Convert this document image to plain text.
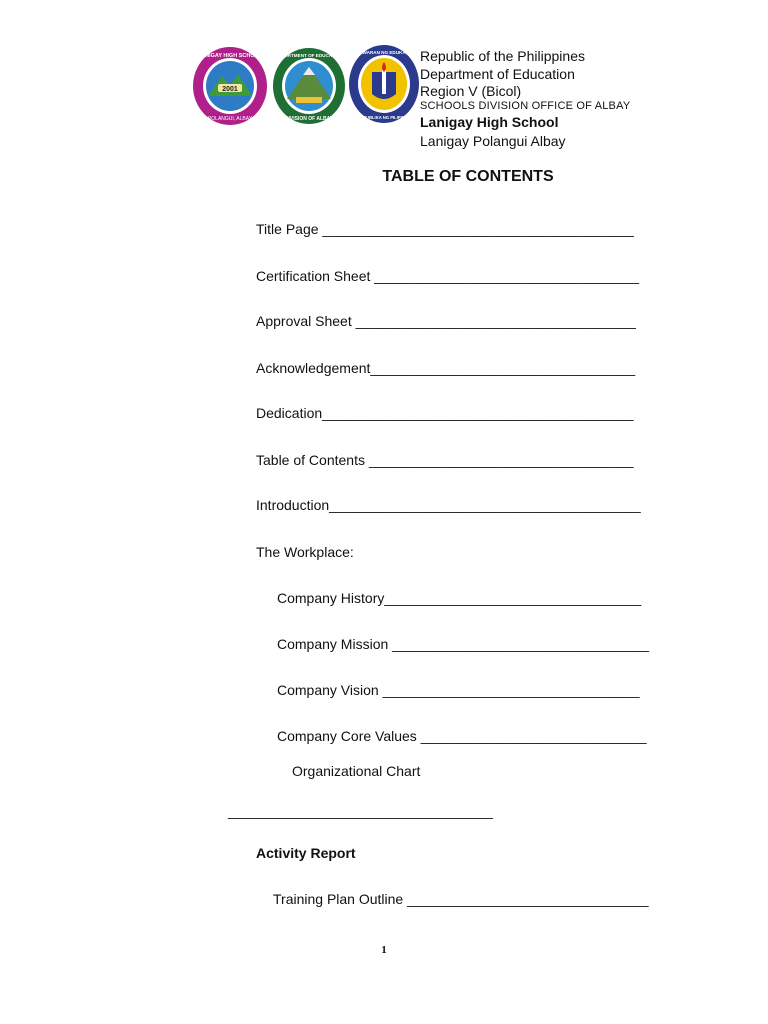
2001
LANIGAY HIGH SCHOOL
POLANGUI, ALBAY
DEPARTMENT OF EDUCATION
DIVISION OF ALBAY
KAGAWARAN NG EDUKASYON
REPUBLIKA NG PILIPINAS
Republic of the Philippines
Department of Education
Region V (Bicol)
SCHOOLS DIVISION OFFICE OF ALBAY
Lanigay High School
Lanigay Polangui Albay
TABLE OF CONTENTS
Title Page ________________________________________
Certification Sheet __________________________________
Approval Sheet ____________________________________
Acknowledgement__________________________________
Dedication________________________________________
Table of Contents __________________________________
Introduction________________________________________
The Workplace:
Company History_________________________________
Company Mission _________________________________
Company Vision _________________________________
Company Core Values _____________________________
Organizational Chart
__________________________________
Activity Report
Training Plan Outline _______________________________
1
